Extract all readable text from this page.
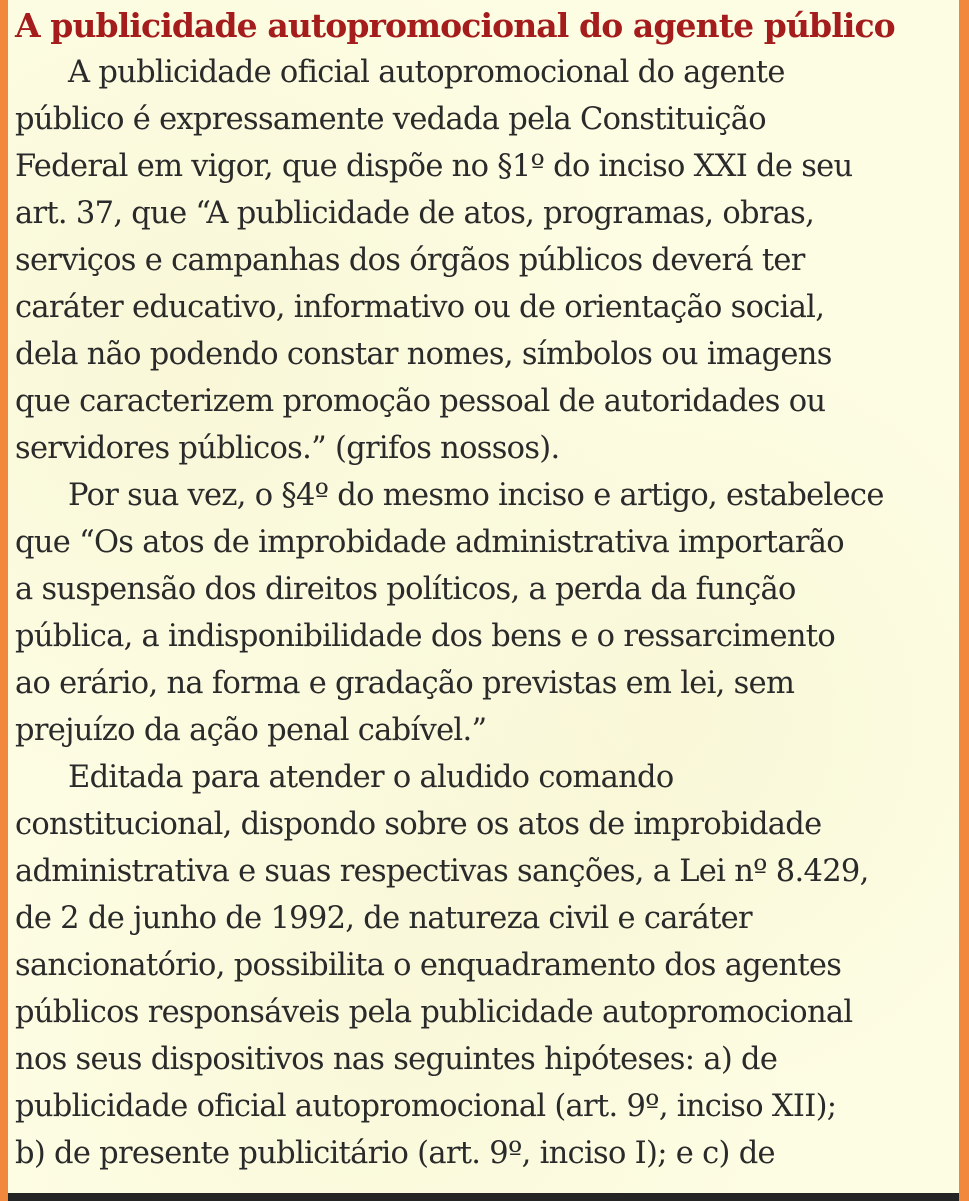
A publicidade autopromocional do agente público

A publicidade oficial autopromocional do agente
público é expressamente vedada pela Constituição
Federal em vigor, que dispõe no §1º do inciso XXI de seu
art. 37, que “A publicidade de atos, programas, obras,
serviços e campanhas dos órgãos públicos deverá ter
caráter educativo, informativo ou de orientação social,
dela não podendo constar nomes, símbolos ou imagens
que caracterizem promoção pessoal de autoridades ou
servidores públicos.” (grifos nossos).

Por sua vez, o §4º do mesmo inciso e artigo, estabelece
que “Os atos de improbidade administrativa importarão
a suspensão dos direitos políticos, a perda da função
pública, a indisponibilidade dos bens e o ressarcimento
ao erário, na forma e gradação previstas em lei, sem
prejuízo da ação penal cabível.”

Editada para atender o aludido comando
constitucional, dispondo sobre os atos de improbidade
administrativa e suas respectivas sanções, a Lei nº 8.429,
de 2 de junho de 1992, de natureza civil e caráter
sancionatório, possibilita o enquadramento dos agentes
públicos responsáveis pela publicidade autopromocional
nos seus dispositivos nas seguintes hipóteses: a) de
publicidade oficial autopromocional (art. 9º, inciso XII);
b) de presente publicitário (art. 9º, inciso I); e c) de
